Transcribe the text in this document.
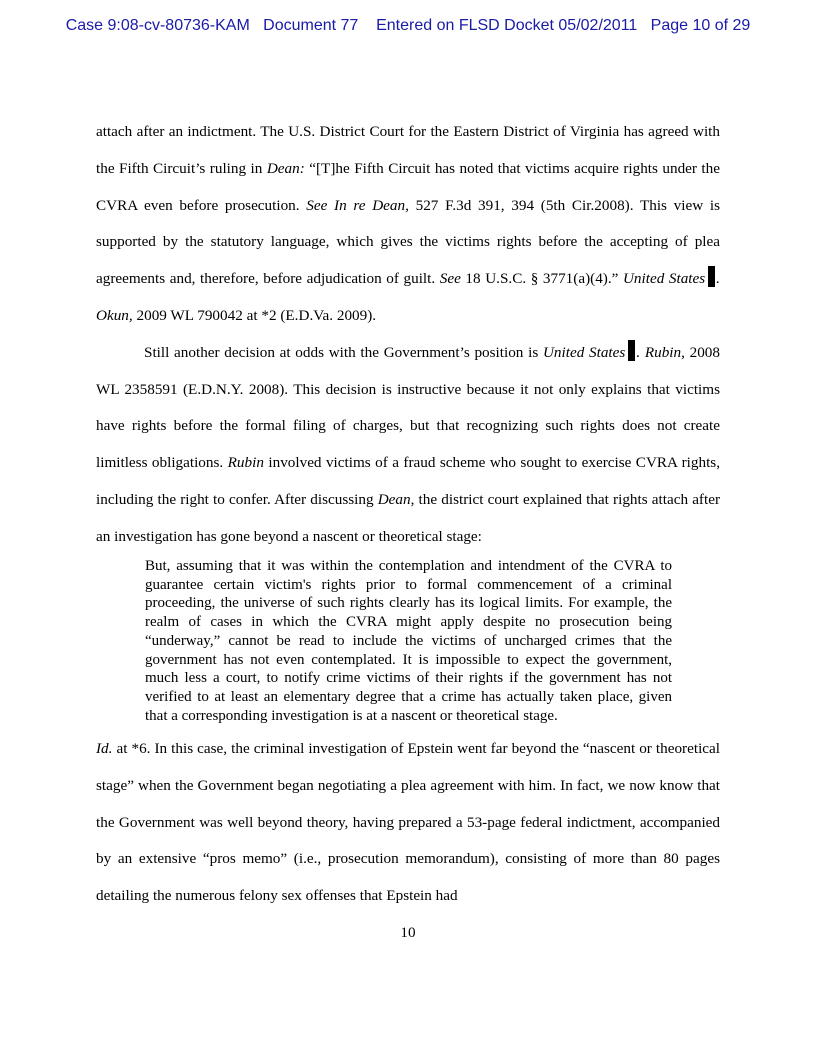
Case 9:08-cv-80736-KAM Document 77 Entered on FLSD Docket 05/02/2011 Page 10 of 29

attach after an indictment. The U.S. District Court for the Eastern District of Virginia has agreed with the Fifth Circuit’s ruling in Dean: “[T]he Fifth Circuit has noted that victims acquire rights under the CVRA even before prosecution. See In re Dean, 527 F.3d 391, 394 (5th Cir.2008). This view is supported by the statutory language, which gives the victims rights before the accepting of plea agreements and, therefore, before adjudication of guilt. See 18 U.S.C. § 3771(a)(4).” United States . Okun, 2009 WL 790042 at *2 (E.D.Va. 2009).

Still another decision at odds with the Government’s position is United States . Rubin, 2008 WL 2358591 (E.D.N.Y. 2008). This decision is instructive because it not only explains that victims have rights before the formal filing of charges, but that recognizing such rights does not create limitless obligations. Rubin involved victims of a fraud scheme who sought to exercise CVRA rights, including the right to confer. After discussing Dean, the district court explained that rights attach after an investigation has gone beyond a nascent or theoretical stage:

But, assuming that it was within the contemplation and intendment of the CVRA to guarantee certain victim's rights prior to formal commencement of a criminal proceeding, the universe of such rights clearly has its logical limits. For example, the realm of cases in which the CVRA might apply despite no prosecution being “underway,” cannot be read to include the victims of uncharged crimes that the government has not even contemplated. It is impossible to expect the government, much less a court, to notify crime victims of their rights if the government has not verified to at least an elementary degree that a crime has actually taken place, given that a corresponding investigation is at a nascent or theoretical stage.

Id. at *6. In this case, the criminal investigation of Epstein went far beyond the “nascent or theoretical stage” when the Government began negotiating a plea agreement with him. In fact, we now know that the Government was well beyond theory, having prepared a 53-page federal indictment, accompanied by an extensive “pros memo” (i.e., prosecution memorandum), consisting of more than 80 pages detailing the numerous felony sex offenses that Epstein had

10
